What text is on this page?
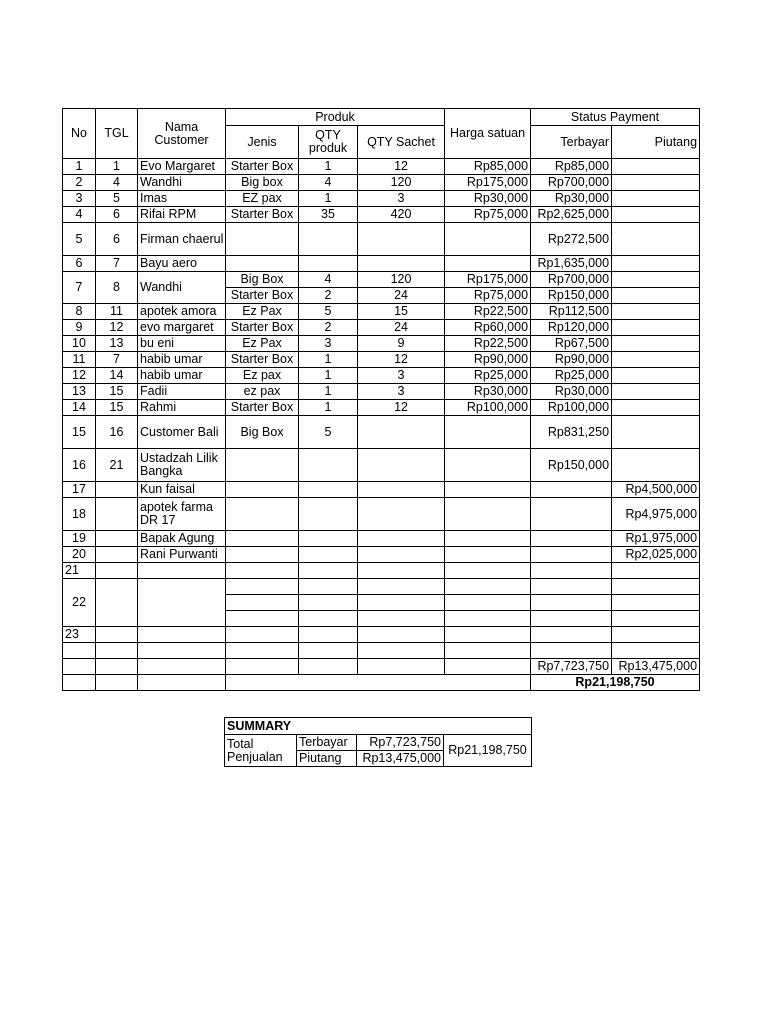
No	TGL	Nama Customer	Produk			Harga satuan	Status Payment	
			Jenis	QTY produk	QTY Sachet		Terbayar	Piutang
1	1	Evo Margaret	Starter Box	1	12	Rp85,000	Rp85,000	
2	4	Wandhi	Big box	4	120	Rp175,000	Rp700,000	
3	5	Imas	EZ pax	1	3	Rp30,000	Rp30,000	
4	6	Rifai RPM	Starter Box	35	420	Rp75,000	Rp2,625,000	
5	6	Firman chaerul					Rp272,500	
6	7	Bayu aero					Rp1,635,000	
7	8	Wandhi	Big Box	4	120	Rp175,000	Rp700,000	
			Starter Box	2	24	Rp75,000	Rp150,000	
8	11	apotek amora	Ez Pax	5	15	Rp22,500	Rp112,500	
9	12	evo margaret	Starter Box	2	24	Rp60,000	Rp120,000	
10	13	bu eni	Ez Pax	3	9	Rp22,500	Rp67,500	
11	7	habib umar	Starter Box	1	12	Rp90,000	Rp90,000	
12	14	habib umar	Ez pax	1	3	Rp25,000	Rp25,000	
13	15	Fadii	ez pax	1	3	Rp30,000	Rp30,000	
14	15	Rahmi	Starter Box	1	12	Rp100,000	Rp100,000	
15	16	Customer Bali	Big Box	5			Rp831,250	
16	21	Ustadzah Lilik Bangka					Rp150,000	
17		Kun faisal						Rp4,500,000
18		apotek farma DR 17						Rp4,975,000
19		Bapak Agung						Rp1,975,000
20		Rani Purwanti						Rp2,025,000
21								
22								

23								

							Rp7,723,750	Rp13,475,000
							Rp21,198,750	
SUMMARY			
Total Penjualan	Terbayar	Rp7,723,750	Rp21,198,750
	Piutang	Rp13,475,000	
